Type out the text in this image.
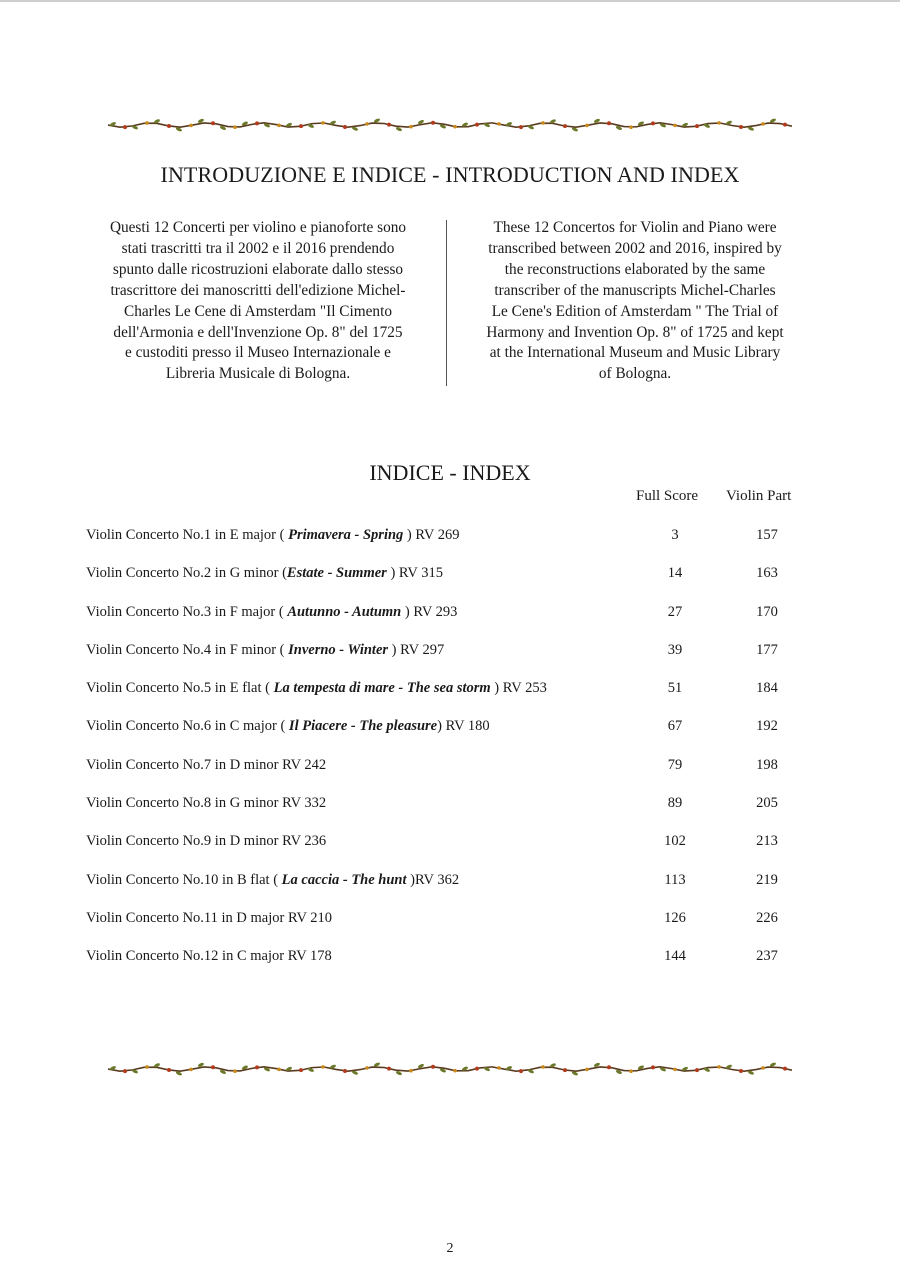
INTRODUZIONE E INDICE - INTRODUCTION AND INDEX
Questi 12 Concerti per violino e pianoforte sono
stati trascritti tra il 2002 e il 2016 prendendo
spunto dalle ricostruzioni elaborate dallo stesso
trascrittore dei manoscritti dell'edizione Michel-
Charles Le Cene di Amsterdam "Il Cimento
dell'Armonia e dell'Invenzione Op. 8" del 1725
e custoditi presso il Museo Internazionale e
Libreria Musicale di Bologna.
These 12 Concertos for Violin and Piano were
transcribed between 2002 and 2016, inspired by
the reconstructions elaborated by the same
transcriber of the manuscripts Michel-Charles
Le Cene's Edition of Amsterdam " The Trial of
Harmony and Invention Op. 8" of 1725 and kept
at the International Museum and Music Library
of Bologna.
INDICE - INDEX
Full Score Violin Part
Violin Concerto No.1 in E major ( Primavera - Spring ) RV 269	3	157
Violin Concerto No.2 in G minor (Estate - Summer ) RV 315	14	163
Violin Concerto No.3 in F major ( Autunno - Autumn ) RV 293	27	170
Violin Concerto No.4 in F minor ( Inverno - Winter ) RV 297	39	177
Violin Concerto No.5 in E flat ( La tempesta di mare - The sea storm ) RV 253	51	184
Violin Concerto No.6 in C major ( Il Piacere - The pleasure) RV 180	67	192
Violin Concerto No.7 in D minor RV 242	79	198
Violin Concerto No.8 in G minor RV 332	89	205
Violin Concerto No.9 in D minor RV 236	102	213
Violin Concerto No.10 in B flat ( La caccia - The hunt )RV 362	113	219
Violin Concerto No.11 in D major RV 210	126	226
Violin Concerto No.12 in C major RV 178	144	237
2
